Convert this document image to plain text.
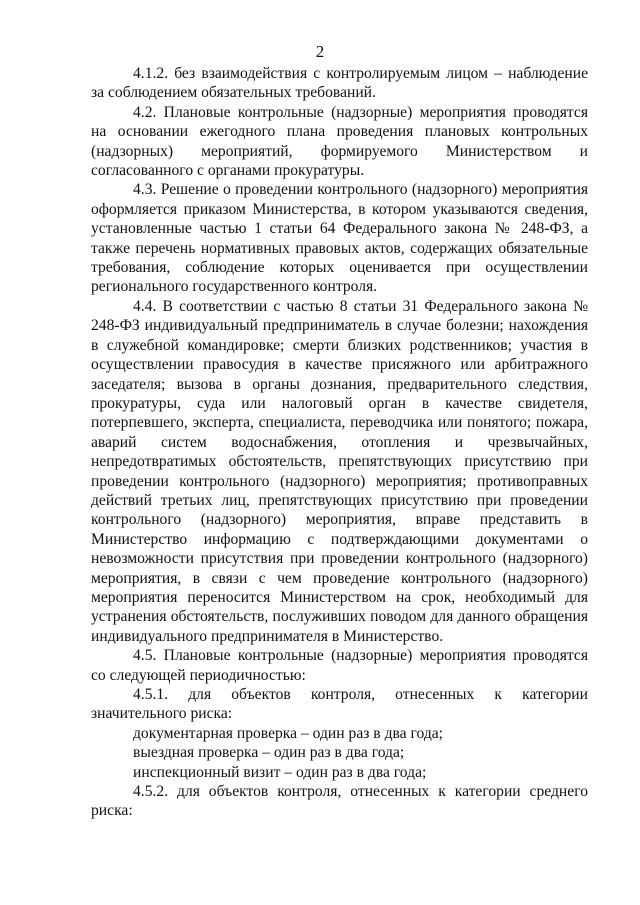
2

4.1.2. без взаимодействия с контролируемым лицом – наблюдение за соблюдением обязательных требований.

4.2. Плановые контрольные (надзорные) мероприятия проводятся на основании ежегодного плана проведения плановых контрольных (надзорных) мероприятий, формируемого Министерством и согласованного с органами прокуратуры.

4.3. Решение о проведении контрольного (надзорного) мероприятия оформляется приказом Министерства, в котором указываются сведения, установленные частью 1 статьи 64 Федерального закона № 248-ФЗ, а также перечень нормативных правовых актов, содержащих обязательные требования, соблюдение которых оценивается при осуществлении регионального государственного контроля.

4.4. В соответствии с частью 8 статьи 31 Федерального закона № 248-ФЗ индивидуальный предприниматель в случае болезни; нахождения в служебной командировке; смерти близких родственников; участия в осуществлении правосудия в качестве присяжного или арбитражного заседателя; вызова в органы дознания, предварительного следствия, прокуратуры, суда или налоговый орган в качестве свидетеля, потерпевшего, эксперта, специалиста, переводчика или понятого; пожара, аварий систем водоснабжения, отопления и чрезвычайных, непредотвратимых обстоятельств, препятствующих присутствию при проведении контрольного (надзорного) мероприятия; противоправных действий третьих лиц, препятствующих присутствию при проведении контрольного (надзорного) мероприятия, вправе представить в Министерство информацию с подтверждающими документами о невозможности присутствия при проведении контрольного (надзорного) мероприятия, в связи с чем проведение контрольного (надзорного) мероприятия переносится Министерством на срок, необходимый для устранения обстоятельств, послуживших поводом для данного обращения индивидуального предпринимателя в Министерство.

4.5. Плановые контрольные (надзорные) мероприятия проводятся со следующей периодичностью:

4.5.1. для объектов контроля, отнесенных к категории значительного риска:

документарная проверка – один раз в два года;

выездная проверка – один раз в два года;

инспекционный визит – один раз в два года;

4.5.2. для объектов контроля, отнесенных к категории среднего риска:
